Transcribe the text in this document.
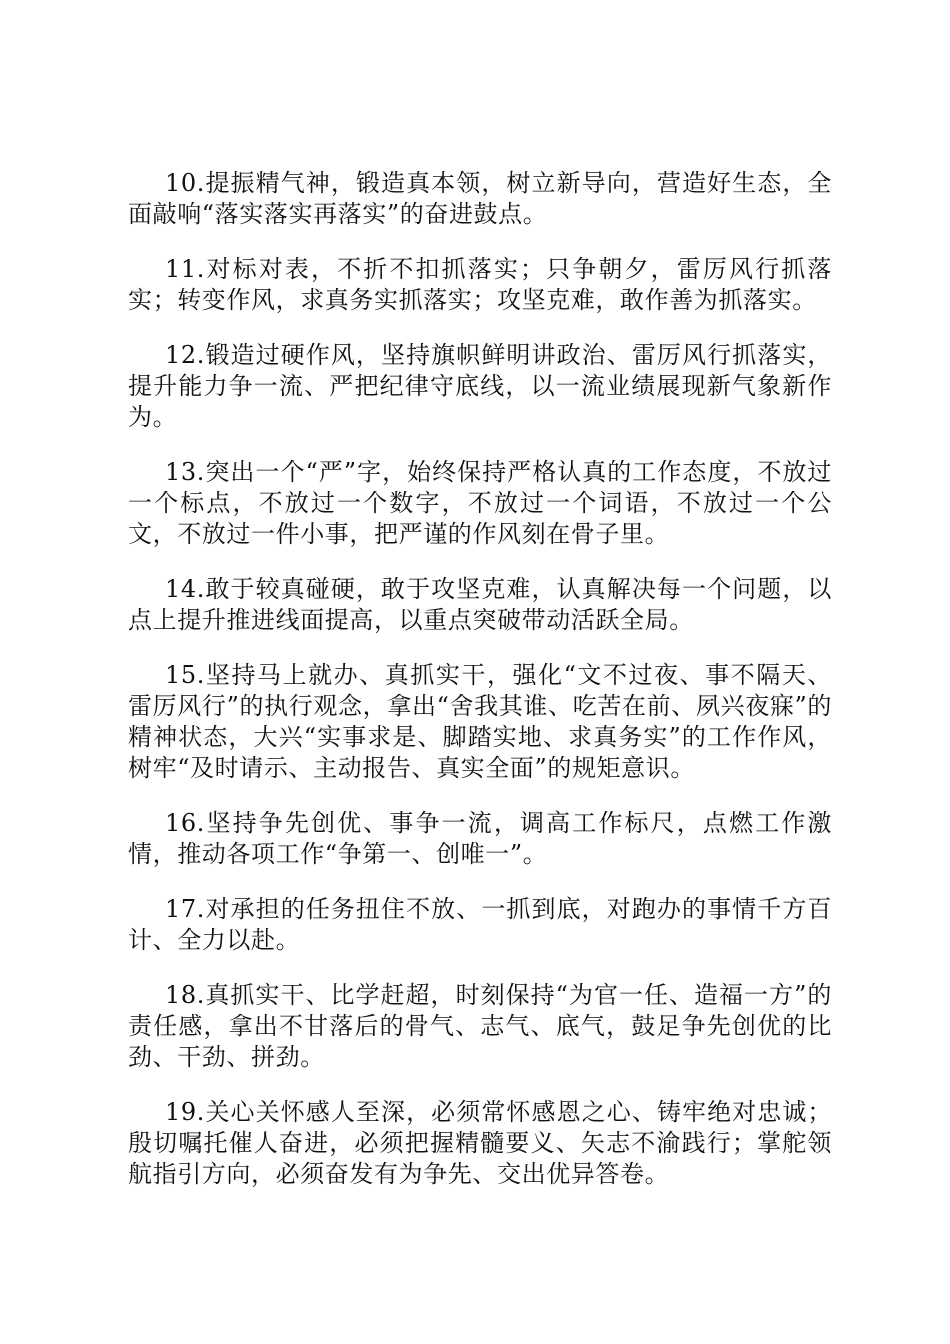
10.提振精气神，锻造真本领，树立新导向，营造好生态，全面敲响“落实落实再落实”的奋进鼓点。

11.对标对表，不折不扣抓落实；只争朝夕，雷厉风行抓落实；转变作风，求真务实抓落实；攻坚克难，敢作善为抓落实。

12.锻造过硬作风，坚持旗帜鲜明讲政治、雷厉风行抓落实，提升能力争一流、严把纪律守底线，以一流业绩展现新气象新作为。

13.突出一个“严”字，始终保持严格认真的工作态度，不放过一个标点，不放过一个数字，不放过一个词语，不放过一个公文，不放过一件小事，把严谨的作风刻在骨子里。

14.敢于较真碰硬，敢于攻坚克难，认真解决每一个问题，以点上提升推进线面提高，以重点突破带动活跃全局。

15.坚持马上就办、真抓实干，强化“文不过夜、事不隔天、雷厉风行”的执行观念，拿出“舍我其谁、吃苦在前、夙兴夜寐”的精神状态，大兴“实事求是、脚踏实地、求真务实”的工作作风，树牢“及时请示、主动报告、真实全面”的规矩意识。

16.坚持争先创优、事争一流，调高工作标尺，点燃工作激情，推动各项工作“争第一、创唯一”。

17.对承担的任务扭住不放、一抓到底，对跑办的事情千方百计、全力以赴。

18.真抓实干、比学赶超，时刻保持“为官一任、造福一方”的责任感，拿出不甘落后的骨气、志气、底气，鼓足争先创优的比劲、干劲、拼劲。

19.关心关怀感人至深，必须常怀感恩之心、铸牢绝对忠诚；殷切嘱托催人奋进，必须把握精髓要义、矢志不渝践行；掌舵领航指引方向，必须奋发有为争先、交出优异答卷。
